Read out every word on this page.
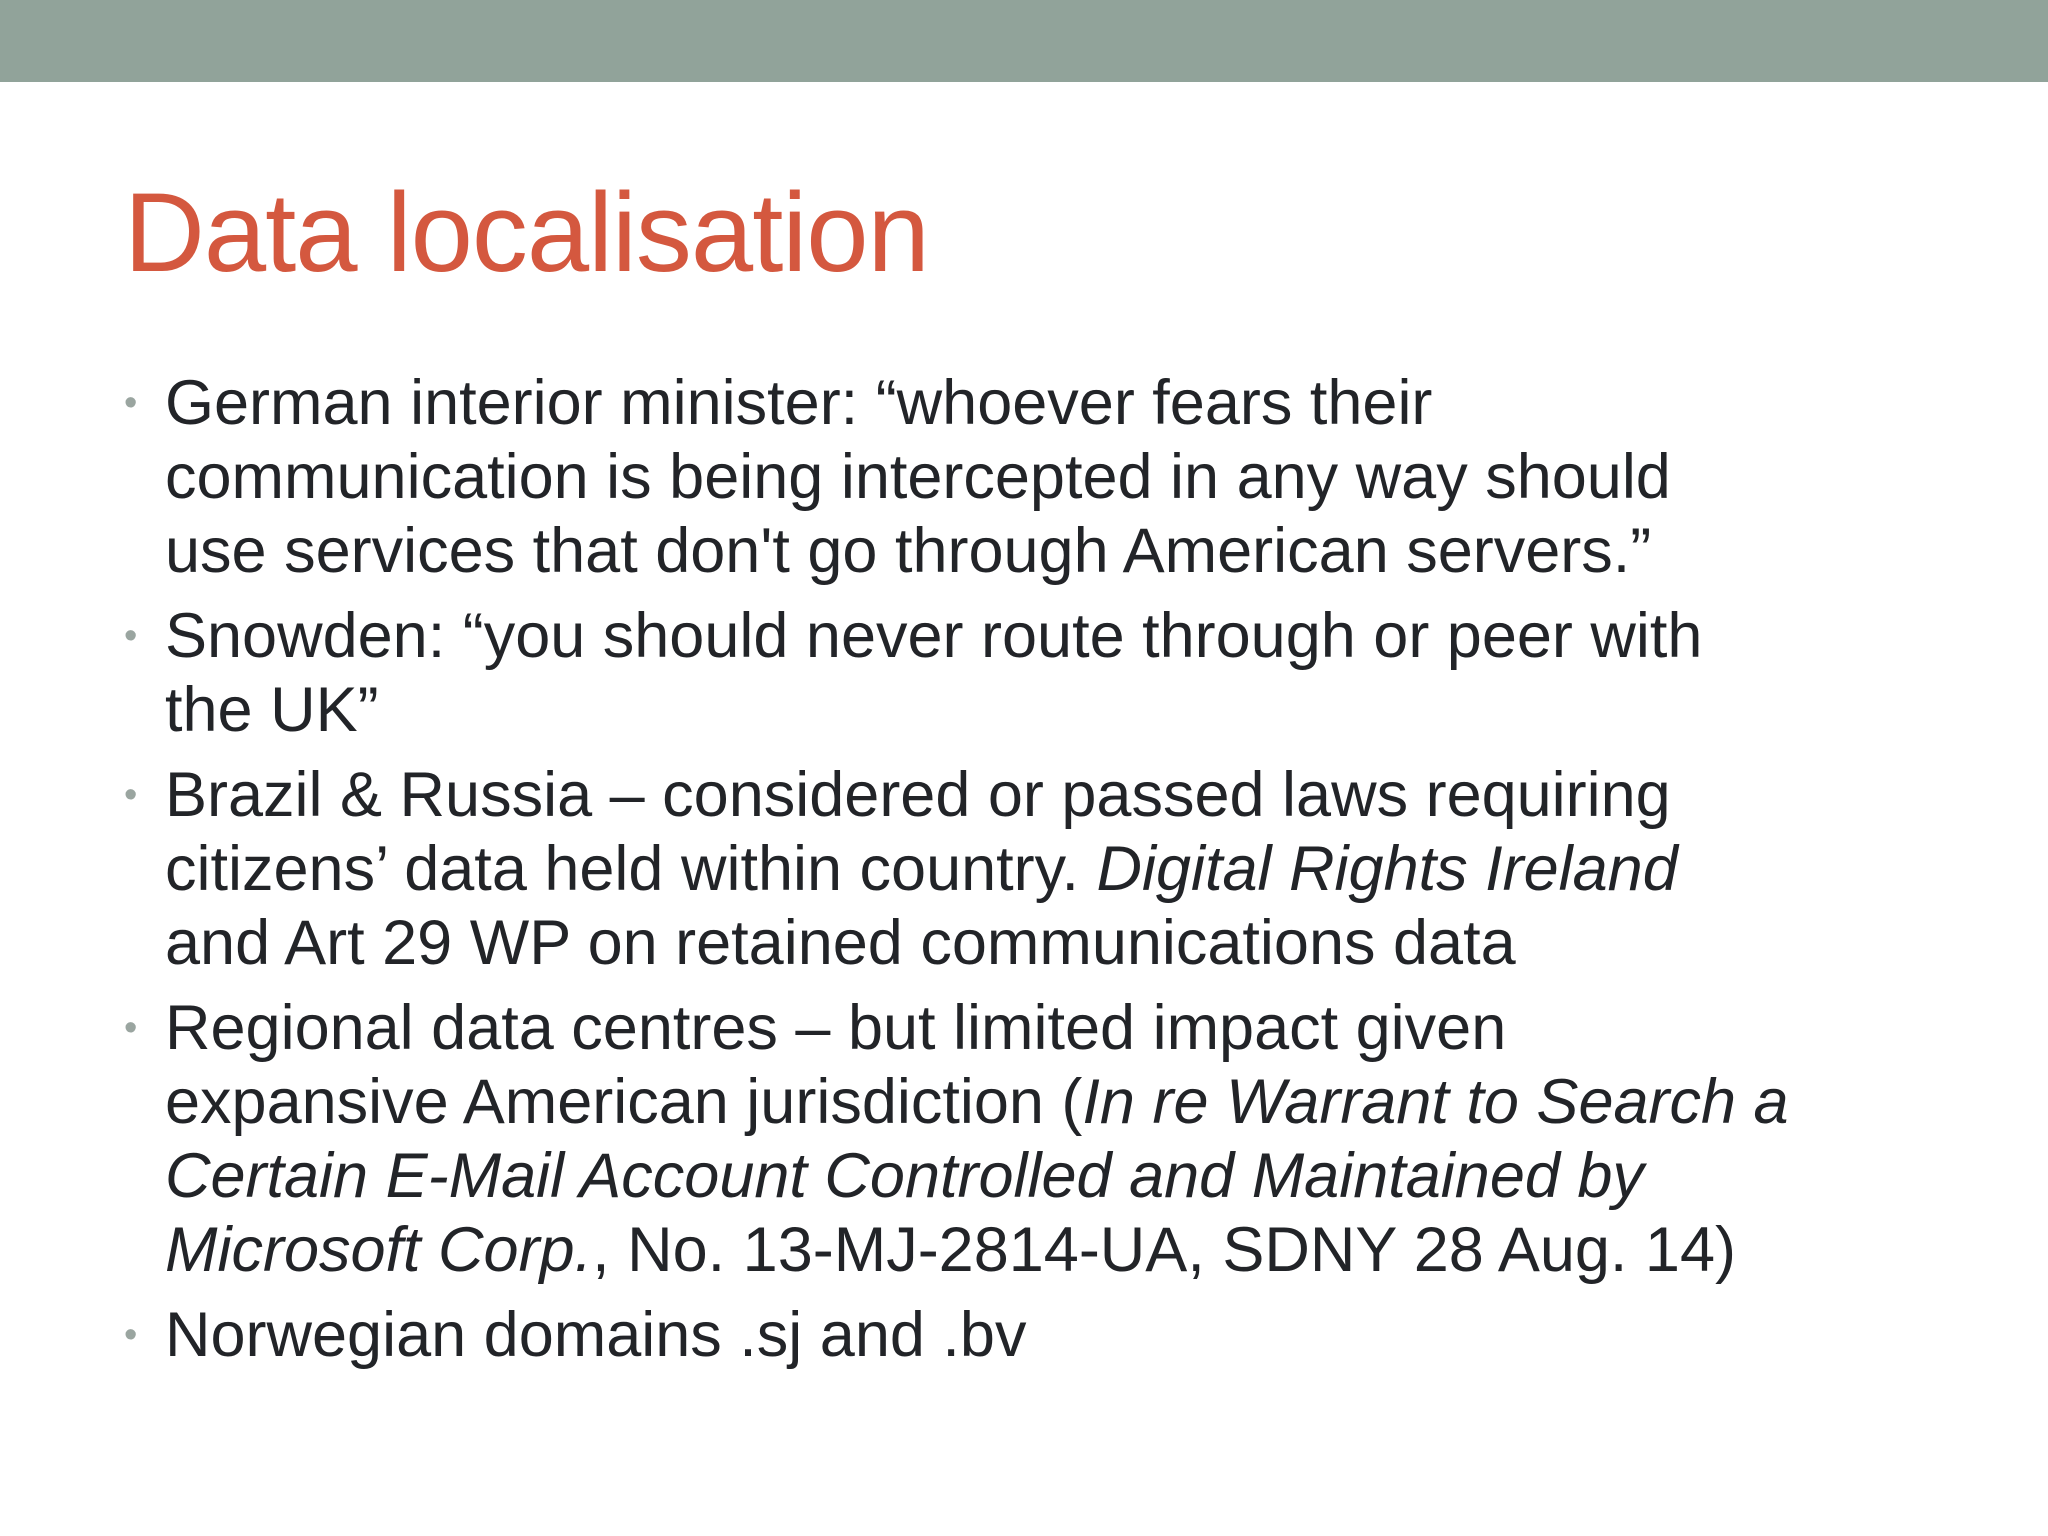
Data localisation
• German interior minister: “whoever fears their
communication is being intercepted in any way should
use services that don't go through American servers.”
• Snowden: “you should never route through or peer with
the UK”
• Brazil & Russia – considered or passed laws requiring
citizens’ data held within country. Digital Rights Ireland
and Art 29 WP on retained communications data
• Regional data centres – but limited impact given
expansive American jurisdiction (In re Warrant to Search a
Certain E-Mail Account Controlled and Maintained by
Microsoft Corp., No. 13-MJ-2814-UA, SDNY 28 Aug. 14)
• Norwegian domains .sj and .bv
